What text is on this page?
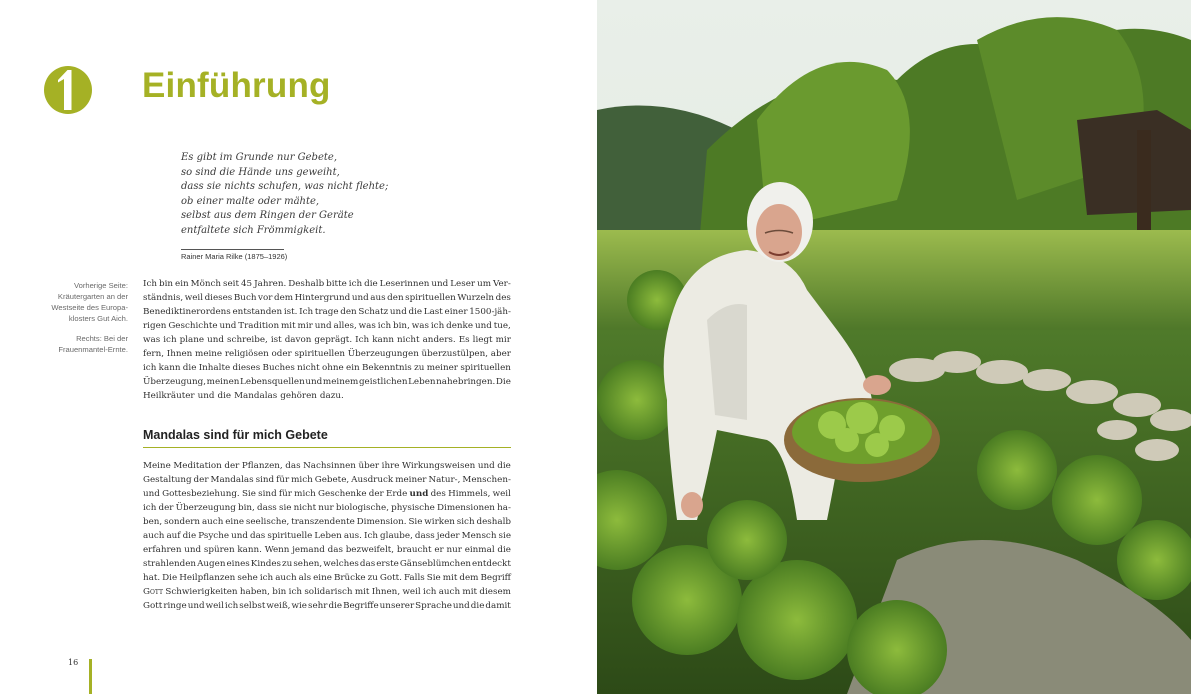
Einführung
Es gibt im Grunde nur Gebete,
so sind die Hände uns geweiht,
dass sie nichts schufen, was nicht flehte;
ob einer malte oder mähte,
selbst aus dem Ringen der Geräte
entfaltete sich Frömmigkeit.
Rainer Maria Rilke (1875–1926)
Vorherige Seite:
Kräutergarten an der
Westseite des Europa-
klosters Gut Aich.
Rechts: Bei der
Frauenmantel-Ernte.
Ich bin ein Mönch seit 45 Jahren. Deshalb bitte ich die Leserinnen und Leser um Ver-
ständnis, weil dieses Buch vor dem Hintergrund und aus den spirituellen Wurzeln des
Benediktinerordens entstanden ist. Ich trage den Schatz und die Last einer 1500-jäh-
rigen Geschichte und Tradition mit mir und alles, was ich bin, was ich denke und tue,
was ich plane und schreibe, ist davon geprägt. Ich kann nicht anders. Es liegt mir
fern, Ihnen meine religiösen oder spirituellen Überzeugungen überzustülpen, aber
ich kann die Inhalte dieses Buches nicht ohne ein Bekenntnis zu meiner spirituellen
Überzeugung, meinen Lebensquellen und meinem geistlichen Leben nahebringen. Die
Heilkräuter und die Mandalas gehören dazu.
Mandalas sind für mich Gebete
Meine Meditation der Pflanzen, das Nachsinnen über ihre Wirkungsweisen und die
Gestaltung der Mandalas sind für mich Gebete, Ausdruck meiner Natur-, Menschen-
und Gottesbeziehung. Sie sind für mich Geschenke der Erde und des Himmels, weil
ich der Überzeugung bin, dass sie nicht nur biologische, physische Dimensionen ha-
ben, sondern auch eine seelische, transzendente Dimension. Sie wirken sich deshalb
auch auf die Psyche und das spirituelle Leben aus. Ich glaube, dass jeder Mensch sie
erfahren und spüren kann. Wenn jemand das bezweifelt, braucht er nur einmal die
strahlenden Augen eines Kindes zu sehen, welches das erste Gänseblümchen entdeckt
hat. Die Heilpflanzen sehe ich auch als eine Brücke zu Gott. Falls Sie mit dem Begriff
Gott Schwierigkeiten haben, bin ich solidarisch mit Ihnen, weil ich auch mit diesem
Gott ringe und weil ich selbst weiß, wie sehr die Begriffe unserer Sprache und die damit
16
